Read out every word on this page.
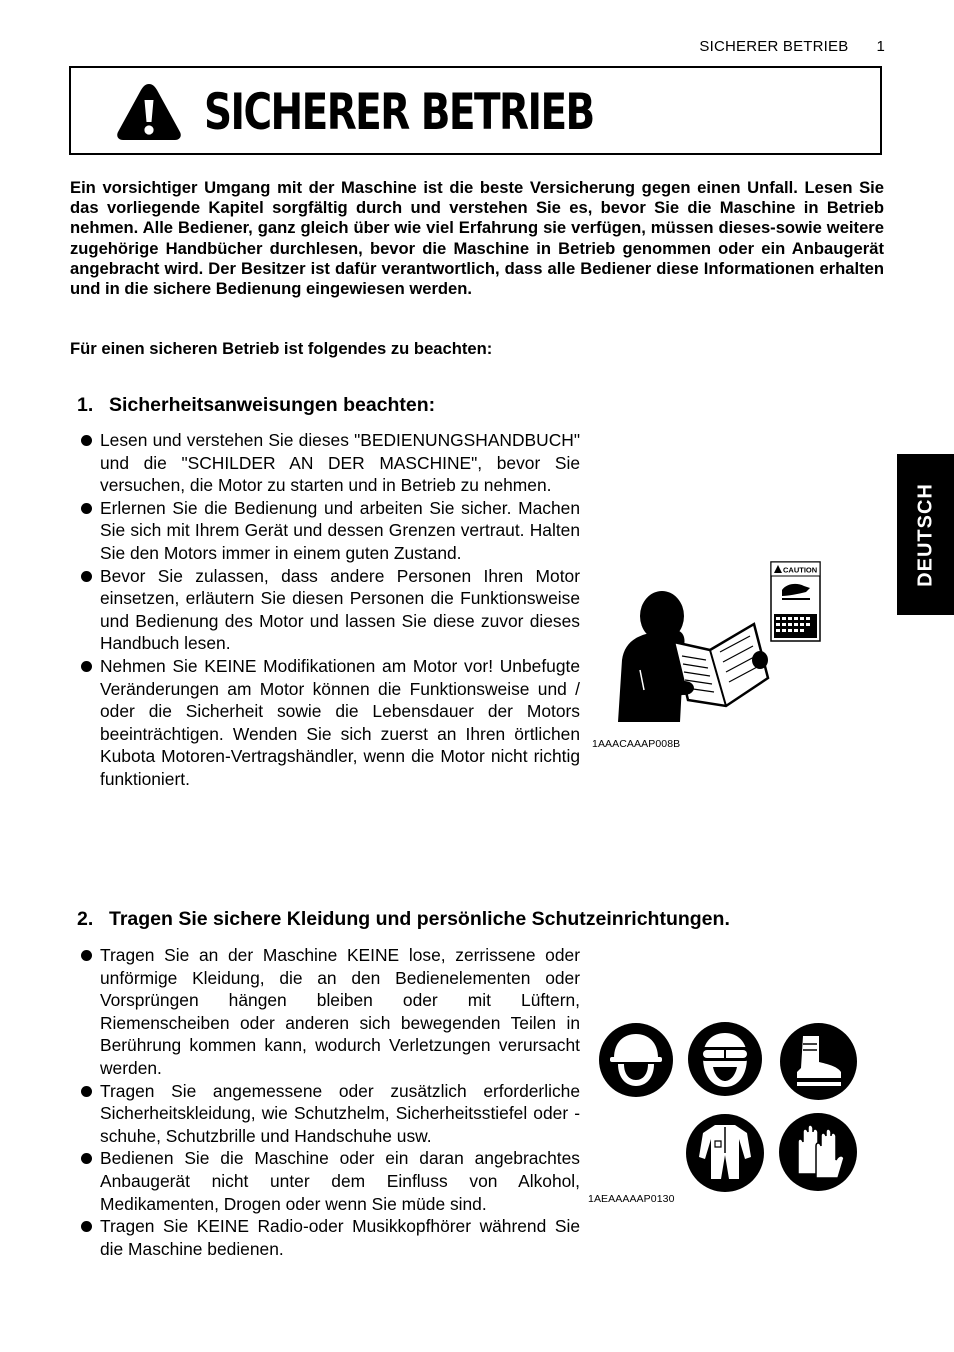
SICHERER BETRIEB 1
SICHERER BETRIEB

Ein vorsichtiger Umgang mit der Maschine ist die beste Versicherung gegen einen Unfall. Lesen Sie das vorliegende Kapitel sorgfältig durch und verstehen Sie es, bevor Sie die Maschine in Betrieb nehmen. Alle Bediener, ganz gleich über wie viel Erfahrung sie verfügen, müssen dieses-sowie weitere zugehörige Handbücher durchlesen, bevor die Maschine in Betrieb genommen oder ein Anbaugerät angebracht wird. Der Besitzer ist dafür verantwortlich, dass alle Bediener diese Informationen erhalten und in die sichere Bedienung eingewiesen werden.

Für einen sicheren Betrieb ist folgendes zu beachten:

1. Sicherheitsanweisungen beachten:
Lesen und verstehen Sie dieses "BEDIENUNGSHANDBUCH" und die "SCHILDER AN DER MASCHINE", bevor Sie versuchen, die Motor zu starten und in Betrieb zu nehmen.
Erlernen Sie die Bedienung und arbeiten Sie sicher. Machen Sie sich mit Ihrem Gerät und dessen Grenzen vertraut. Halten Sie den Motors immer in einem guten Zustand.
Bevor Sie zulassen, dass andere Personen Ihren Motor einsetzen, erläutern Sie diesen Personen die Funktionsweise und Bedienung des Motor und lassen Sie diese zuvor dieses Handbuch lesen.
Nehmen Sie KEINE Modifikationen am Motor vor! Unbefugte Veränderungen am Motor können die Funktionsweise und / oder die Sicherheit sowie die Lebensdauer der Motors beeinträchtigen. Wenden Sie sich zuerst an Ihren örtlichen Kubota Motoren-Vertragshändler, wenn die Motor nicht richtig funktioniert.
CAUTION
1AAACAAAP008B
2. Tragen Sie sichere Kleidung und persönliche Schutzeinrichtungen.
Tragen Sie an der Maschine KEINE lose, zerrissene oder unförmige Kleidung, die an den Bedienelementen oder Vorsprüngen hängen bleiben oder mit Lüftern, Riemenscheiben oder anderen sich bewegenden Teilen in Berührung kommen kann, wodurch Verletzungen verursacht werden.
Tragen Sie angemessene oder zusätzlich erforderliche Sicherheitskleidung, wie Schutzhelm, Sicherheitsstiefel oder -schuhe, Schutzbrille und Handschuhe usw.
Bedienen Sie die Maschine oder ein daran angebrachtes Anbaugerät nicht unter dem Einfluss von Alkohol, Medikamenten, Drogen oder wenn Sie müde sind.
Tragen Sie KEINE Radio-oder Musikkopfhörer während Sie die Maschine bedienen.
1AEAAAAAP0130
DEUTSCH
